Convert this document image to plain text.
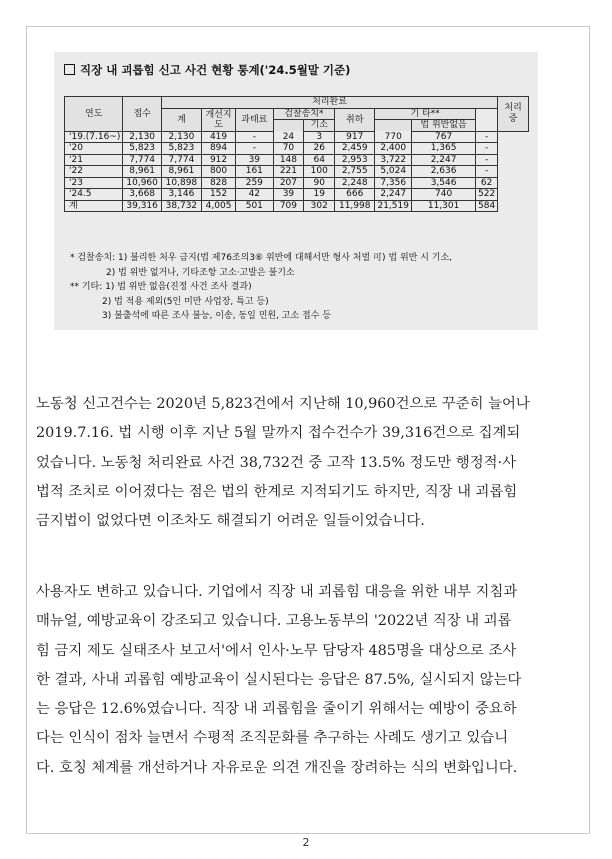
직장 내 괴롭힘 신고 사건 현황 통계('24.5월말 기준)
연도	접수	처리완료									처리중
		계	개선지도	과태료	검찰송치*		취하	기 타**			
						기소			법 위반없음		
'19.(7.16~)	2,130	2,130	419	-	24	3	917	770	767	-	
'20	5,823	5,823	894	-	70	26	2,459	2,400	1,365	-	
'21	7,774	7,774	912	39	148	64	2,953	3,722	2,247	-	
'22	8,961	8,961	800	161	221	100	2,755	5,024	2,636	-	
'23	10,960	10,898	828	259	207	90	2,248	7,356	3,546	62	
'24.5	3,668	3,146	152	42	39	19	666	2,247	740	522	
계	39,316	38,732	4,005	501	709	302	11,998	21,519	11,301	584	
* 검찰송치: 1) 불리한 처우 금지(법 제76조의3⑥ 위반에 대해서만 형사 처벌 可) 법 위반 시 기소,
2) 법 위반 없거나, 기타조항 고소·고발은 불기소
** 기타: 1) 법 위반 없음(진정 사건 조사 결과)
2) 법 적용 제외(5인 미만 사업장, 특고 등)
3) 불출석에 따른 조사 불능, 이송, 동일 민원, 고소 접수 등
노동청 신고건수는 2020년 5,823건에서 지난해 10,960건으로 꾸준히 늘어나
2019.7.16. 법 시행 이후 지난 5월 말까지 접수건수가 39,316건으로 집계되
었습니다. 노동청 처리완료 사건 38,732건 중 고작 13.5% 정도만 행정적·사
법적 조치로 이어졌다는 점은 법의 한계로 지적되기도 하지만, 직장 내 괴롭힘
금지법이 없었다면 이조차도 해결되기 어려운 일들이었습니다.
사용자도 변하고 있습니다. 기업에서 직장 내 괴롭힘 대응을 위한 내부 지침과
매뉴얼, 예방교육이 강조되고 있습니다. 고용노동부의 '2022년 직장 내 괴롭
힘 금지 제도 실태조사 보고서'에서 인사·노무 담당자 485명을 대상으로 조사
한 결과, 사내 괴롭힘 예방교육이 실시된다는 응답은 87.5%, 실시되지 않는다
는 응답은 12.6%였습니다. 직장 내 괴롭힘을 줄이기 위해서는 예방이 중요하
다는 인식이 점차 늘면서 수평적 조직문화를 추구하는 사례도 생기고 있습니
다. 호칭 체계를 개선하거나 자유로운 의견 개진을 장려하는 식의 변화입니다.
2
